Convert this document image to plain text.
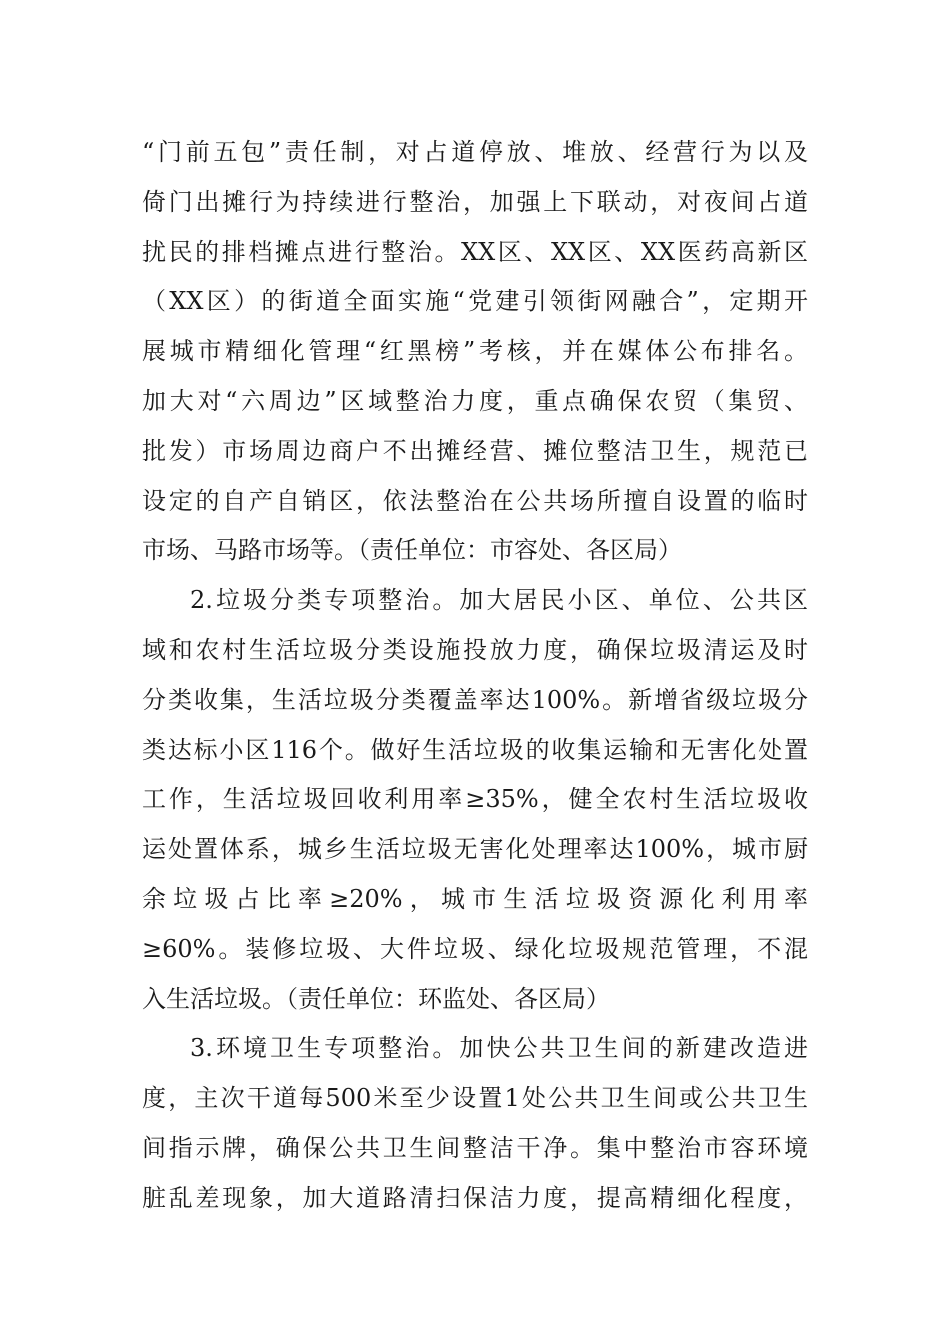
“门前五包”责任制，对占道停放、堆放、经营行为以及
倚门出摊行为持续进行整治，加强上下联动，对夜间占道
扰民的排档摊点进行整治。XX区、XX区、XX医药高新区
（XX区）的街道全面实施“党建引领街网融合”，定期开
展城市精细化管理“红黑榜”考核，并在媒体公布排名。
加大对“六周边”区域整治力度，重点确保农贸（集贸、
批发）市场周边商户不出摊经营、摊位整洁卫生，规范已
设定的自产自销区，依法整治在公共场所擅自设置的临时
市场、马路市场等。（责任单位：市容处、各区局）
2.垃圾分类专项整治。加大居民小区、单位、公共区
域和农村生活垃圾分类设施投放力度，确保垃圾清运及时
分类收集，生活垃圾分类覆盖率达100%。新增省级垃圾分
类达标小区116个。做好生活垃圾的收集运输和无害化处置
工作，生活垃圾回收利用率≥35%，健全农村生活垃圾收
运处置体系，城乡生活垃圾无害化处理率达100%，城市厨
余垃圾占比率≥20%，城市生活垃圾资源化利用率
≥60%。装修垃圾、大件垃圾、绿化垃圾规范管理，不混
入生活垃圾。（责任单位：环监处、各区局）
3.环境卫生专项整治。加快公共卫生间的新建改造进
度，主次干道每500米至少设置1处公共卫生间或公共卫生
间指示牌，确保公共卫生间整洁干净。集中整治市容环境
脏乱差现象，加大道路清扫保洁力度，提高精细化程度，
